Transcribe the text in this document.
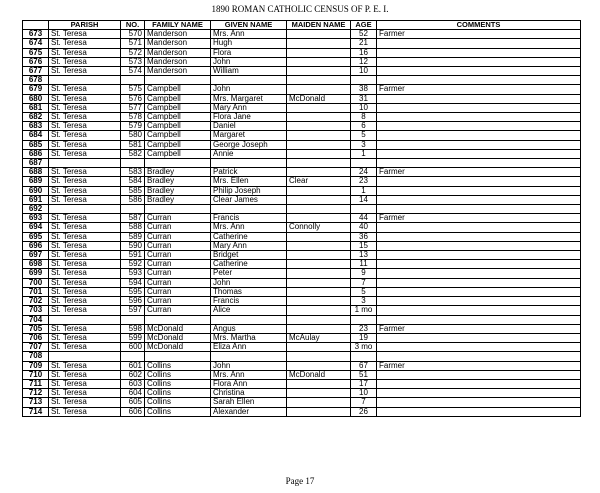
1890 ROMAN CATHOLIC CENSUS OF P. E. I.
	PARISH	NO.	FAMILY NAME	GIVEN NAME	MAIDEN NAME	AGE	COMMENTS
673	St. Teresa	570	Manderson	Mrs. Ann		52	Farmer
674	St. Teresa	571	Manderson	Hugh		21	
675	St. Teresa	572	Manderson	Flora		16	
676	St. Teresa	573	Manderson	John		12	
677	St. Teresa	574	Manderson	William		10	
678							
679	St. Teresa	575	Campbell	John		38	Farmer
680	St. Teresa	576	Campbell	Mrs. Margaret	McDonald	31	
681	St. Teresa	577	Campbell	Mary Ann		10	
682	St. Teresa	578	Campbell	Flora Jane		8	
683	St. Teresa	579	Campbell	Daniel		6	
684	St. Teresa	580	Campbell	Margaret		5	
685	St. Teresa	581	Campbell	George Joseph		3	
686	St. Teresa	582	Campbell	Annie		1	
687							
688	St. Teresa	583	Bradley	Patrick		24	Farmer
689	St. Teresa	584	Bradley	Mrs. Ellen	Clear	23	
690	St. Teresa	585	Bradley	Philip Joseph		1	
691	St. Teresa	586	Bradley	Clear James		14	
692							
693	St. Teresa	587	Curran	Francis		44	Farmer
694	St. Teresa	588	Curran	Mrs. Ann	Connolly	40	
695	St. Teresa	589	Curran	Catherine		36	
696	St. Teresa	590	Curran	Mary Ann		15	
697	St. Teresa	591	Curran	Bridget		13	
698	St. Teresa	592	Curran	Catherine		11	
699	St. Teresa	593	Curran	Peter		9	
700	St. Teresa	594	Curran	John		7	
701	St. Teresa	595	Curran	Thomas		5	
702	St. Teresa	596	Curran	Francis		3	
703	St. Teresa	597	Curran	Alice		1 mo	
704							
705	St. Teresa	598	McDonald	Angus		23	Farmer
706	St. Teresa	599	McDonald	Mrs. Martha	McAulay	19	
707	St. Teresa	600	McDonald	Eliza Ann		3 mo	
708							
709	St. Teresa	601	Collins	John		67	Farmer
710	St. Teresa	602	Collins	Mrs. Ann	McDonald	51	
711	St. Teresa	603	Collins	Flora Ann		17	
712	St. Teresa	604	Collins	Christina		10	
713	St. Teresa	605	Collins	Sarah Ellen		7	
714	St. Teresa	606	Collins	Alexander		26	
Page 17
